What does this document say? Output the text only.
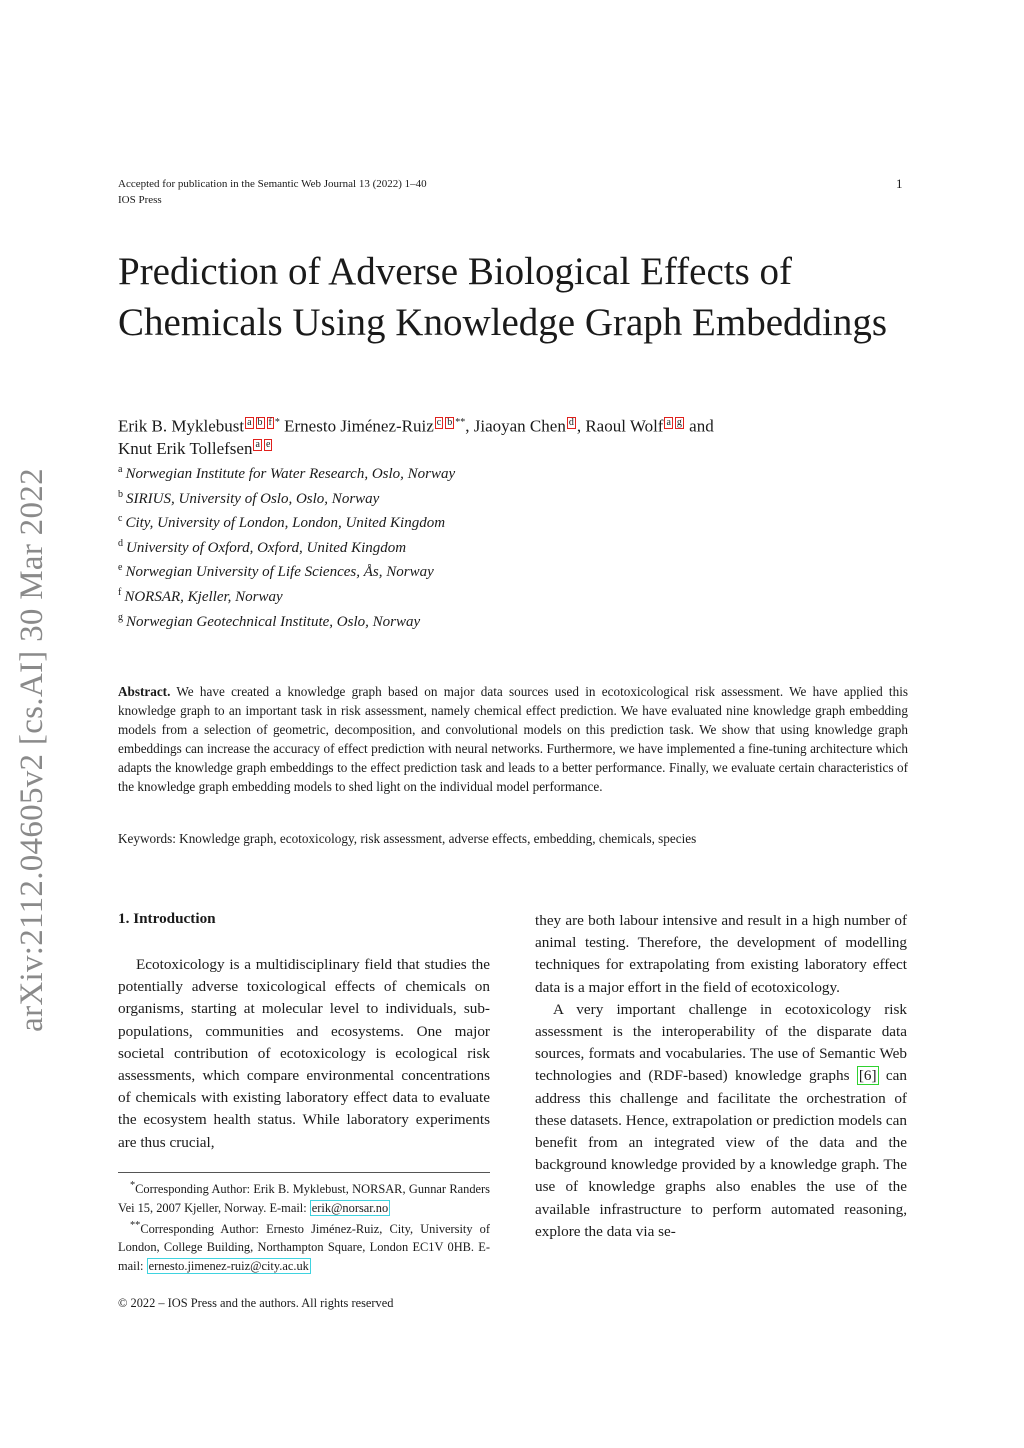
Accepted for publication in the Semantic Web Journal 13 (2022) 1–40
IOS Press
1
arXiv:2112.04605v2 [cs.AI] 30 Mar 2022
Prediction of Adverse Biological Effects of Chemicals Using Knowledge Graph Embeddings
Erik B. Myklebust a b f * Ernesto Jiménez-Ruiz c b **, Jiaoyan Chen d , Raoul Wolf a g and
Knut Erik Tollefsen a e
$^a$ Norwegian Institute for Water Research, Oslo, Norway
$^b$ SIRIUS, University of Oslo, Oslo, Norway
$^c$ City, University of London, London, United Kingdom
$^d$ University of Oxford, Oxford, United Kingdom
$^e$ Norwegian University of Life Sciences, Ås, Norway
$^f$ NORSAR, Kjeller, Norway
$^g$ Norwegian Geotechnical Institute, Oslo, Norway
Abstract. We have created a knowledge graph based on major data sources used in ecotoxicological risk assessment. We have applied this knowledge graph to an important task in risk assessment, namely chemical effect prediction. We have evaluated nine knowledge graph embedding models from a selection of geometric, decomposition, and convolutional models on this prediction task. We show that using knowledge graph embeddings can increase the accuracy of effect prediction with neural networks. Furthermore, we have implemented a fine-tuning architecture which adapts the knowledge graph embeddings to the effect prediction task and leads to a better performance. Finally, we evaluate certain characteristics of the knowledge graph embedding models to shed light on the individual model performance.
Keywords: Knowledge graph, ecotoxicology, risk assessment, adverse effects, embedding, chemicals, species
1. Introduction

Ecotoxicology is a multidisciplinary field that studies the potentially adverse toxicological effects of chemicals on organisms, starting at molecular level to individuals, sub-populations, communities and ecosystems. One major societal contribution of ecotoxicology is ecological risk assessments, which compare environmental concentrations of chemicals with existing laboratory effect data to evaluate the ecosystem health status. While laboratory experiments are thus crucial,

they are both labour intensive and result in a high number of animal testing. Therefore, the development of modelling techniques for extrapolating from existing laboratory effect data is a major effort in the field of ecotoxicology.

A very important challenge in ecotoxicology risk assessment is the interoperability of the disparate data sources, formats and vocabularies. The use of Semantic Web technologies and (RDF-based) knowledge graphs [6] can address this challenge and facilitate the orchestration of these datasets. Hence, extrapolation or prediction models can benefit from an integrated view of the data and the background knowledge provided by a knowledge graph. The use of knowledge graphs also enables the use of the available infrastructure to perform automated reasoning, explore the data via se-

*Corresponding Author: Erik B. Myklebust, NORSAR, Gunnar Randers Vei 15, 2007 Kjeller, Norway. E-mail: erik@norsar.no
**Corresponding Author: Ernesto Jiménez-Ruiz, City, University of London, College Building, Northampton Square, London EC1V 0HB. E-mail: ernesto.jimenez-ruiz@city.ac.uk
© 2022 – IOS Press and the authors. All rights reserved
